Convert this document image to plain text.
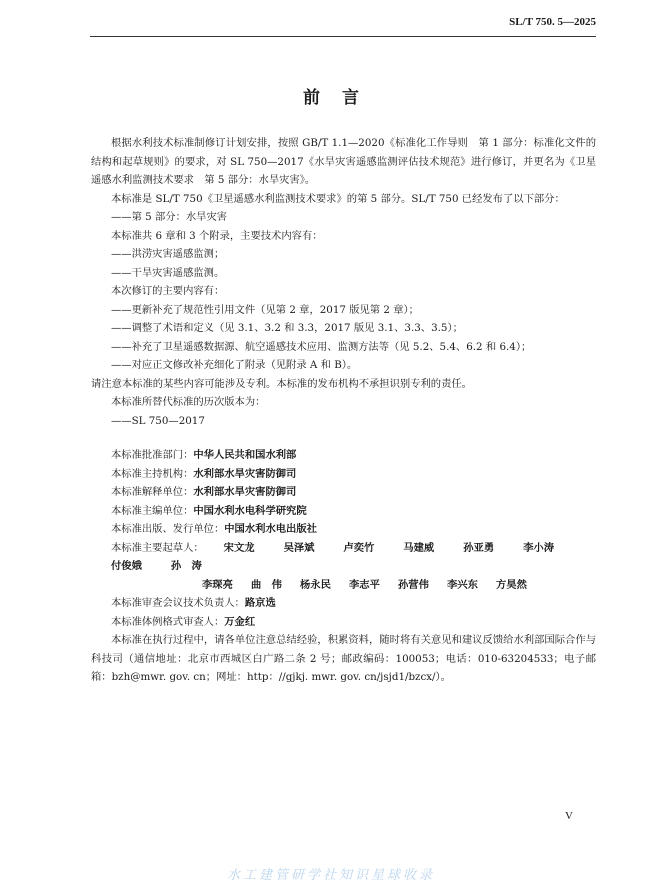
SL/T 750. 5—2025
前言

根据水利技术标准制修订计划安排，按照 GB/T 1.1—2020《标准化工作导则　第 1 部分：标准化文件的结构和起草规则》的要求，对 SL 750—2017《水旱灾害遥感监测评估技术规范》进行修订，并更名为《卫星遥感水利监测技术要求　第 5 部分：水旱灾害》。

本标准是 SL/T 750《卫星遥感水利监测技术要求》的第 5 部分。SL/T 750 已经发布了以下部分：

——第 5 部分：水旱灾害

本标准共 6 章和 3 个附录，主要技术内容有：

——洪涝灾害遥感监测；

——干旱灾害遥感监测。

本次修订的主要内容有：

——更新补充了规范性引用文件（见第 2 章，2017 版见第 2 章）；

——调整了术语和定义（见 3.1、3.2 和 3.3，2017 版见 3.1、3.3、3.5）；

——补充了卫星遥感数据源、航空遥感技术应用、监测方法等（见 5.2、5.4、6.2 和 6.4）；

——对应正文修改补充细化了附录（见附录 A 和 B）。

请注意本标准的某些内容可能涉及专利。本标准的发布机构不承担识别专利的责任。

本标准所替代标准的历次版本为：

——SL 750—2017

本标准批准部门：中华人民共和国水利部

本标准主持机构：水利部水旱灾害防御司

本标准解释单位：水利部水旱灾害防御司

本标准主编单位：中国水利水电科学研究院

本标准出版、发行单位：中国水利水电出版社

本标准主要起草人： 宋文龙	吴泽斌	卢奕竹	马建威	孙亚勇	李小涛付俊娥	孙　涛

李琛亮 曲　伟 杨永民 李志平 孙营伟 李兴东 方昊然

本标准审查会议技术负责人：路京选

本标准体例格式审查人：万金红

本标准在执行过程中，请各单位注意总结经验，积累资料，随时将有关意见和建议反馈给水利部国际合作与科技司（通信地址：北京市西城区白广路二条 2 号；邮政编码：100053；电话：010-63204533；电子邮箱：bzh@mwr. gov. cn；网址：http：//gjkj. mwr. gov. cn/jsjd1/bzcx/）。

V
水工建管研学社知识星球收录
